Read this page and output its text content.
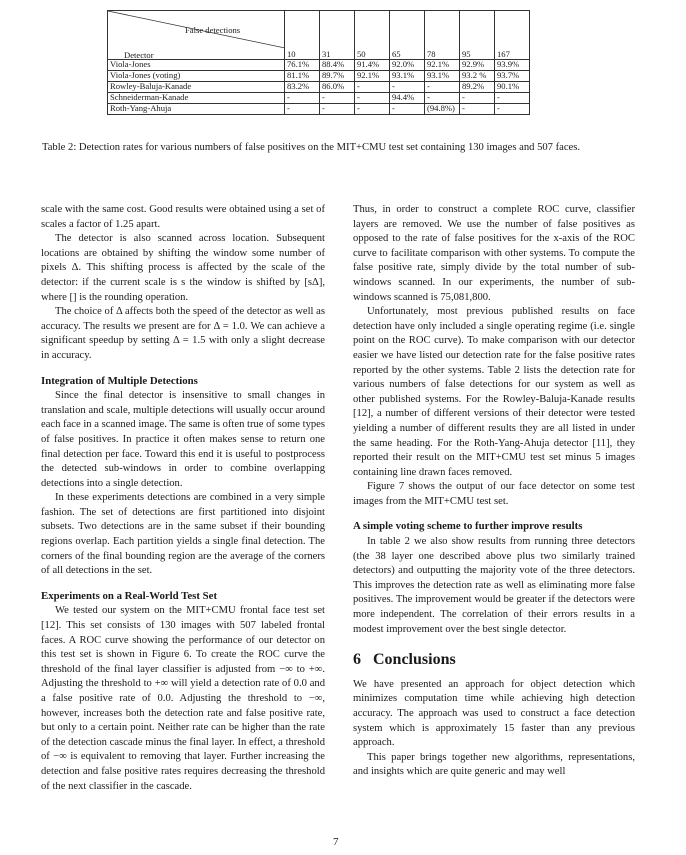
False detections
Detector	10	31	50	65	78	95	167
Viola-Jones	76.1%	88.4%	91.4%	92.0%	92.1%	92.9%	93.9%
Viola-Jones (voting)	81.1%	89.7%	92.1%	93.1%	93.1%	93.2 %	93.7%
Rowley-Baluja-Kanade	83.2%	86.0%	-	-	-	89.2%	90.1%
Schneiderman-Kanade	-	-	-	94.4%	-	-	-
Roth-Yang-Ahuja	-	-	-	-	(94.8%)	-	-
Table 2: Detection rates for various numbers of false positives on the MIT+CMU test set containing 130 images and 507 faces.

scale with the same cost. Good results were obtained using a set of scales a factor of 1.25 apart.

The detector is also scanned across location. Subsequent locations are obtained by shifting the window some number of pixels Δ. This shifting process is affected by the scale of the detector: if the current scale is s the window is shifted by [sΔ], where [] is the rounding operation.

The choice of Δ affects both the speed of the detector as well as accuracy. The results we present are for Δ = 1.0. We can achieve a significant speedup by setting Δ = 1.5 with only a slight decrease in accuracy.

Integration of Multiple Detections

Since the final detector is insensitive to small changes in translation and scale, multiple detections will usually occur around each face in a scanned image. The same is often true of some types of false positives. In practice it often makes sense to return one final detection per face. Toward this end it is useful to postprocess the detected sub-windows in order to combine overlapping detections into a single detection.

In these experiments detections are combined in a very simple fashion. The set of detections are first partitioned into disjoint subsets. Two detections are in the same subset if their bounding regions overlap. Each partition yields a single final detection. The corners of the final bounding region are the average of the corners of all detections in the set.

Experiments on a Real-World Test Set

We tested our system on the MIT+CMU frontal face test set [12]. This set consists of 130 images with 507 labeled frontal faces. A ROC curve showing the performance of our detector on this test set is shown in Figure 6. To create the ROC curve the threshold of the final layer classifier is adjusted from −∞ to +∞. Adjusting the threshold to +∞ will yield a detection rate of 0.0 and a false positive rate of 0.0. Adjusting the threshold to −∞, however, increases both the detection rate and false positive rate, but only to a certain point. Neither rate can be higher than the rate of the detection cascade minus the final layer. In effect, a threshold of −∞ is equivalent to removing that layer. Further increasing the detection and false positive rates requires decreasing the threshold of the next classifier in the cascade.

Thus, in order to construct a complete ROC curve, classifier layers are removed. We use the number of false positives as opposed to the rate of false positives for the x-axis of the ROC curve to facilitate comparison with other systems. To compute the false positive rate, simply divide by the total number of sub-windows scanned. In our experiments, the number of sub-windows scanned is 75,081,800.

Unfortunately, most previous published results on face detection have only included a single operating regime (i.e. single point on the ROC curve). To make comparison with our detector easier we have listed our detection rate for the false positive rates reported by the other systems. Table 2 lists the detection rate for various numbers of false detections for our system as well as other published systems. For the Rowley-Baluja-Kanade results [12], a number of different versions of their detector were tested yielding a number of different results they are all listed in under the same heading. For the Roth-Yang-Ahuja detector [11], they reported their result on the MIT+CMU test set minus 5 images containing line drawn faces removed.

Figure 7 shows the output of our face detector on some test images from the MIT+CMU test set.

A simple voting scheme to further improve results

In table 2 we also show results from running three detectors (the 38 layer one described above plus two similarly trained detectors) and outputting the majority vote of the three detectors. This improves the detection rate as well as eliminating more false positives. The improvement would be greater if the detectors were more independent. The correlation of their errors results in a modest improvement over the best single detector.

6 Conclusions

We have presented an approach for object detection which minimizes computation time while achieving high detection accuracy. The approach was used to construct a face detection system which is approximately 15 faster than any previous approach.

This paper brings together new algorithms, representations, and insights which are quite generic and may well

7
